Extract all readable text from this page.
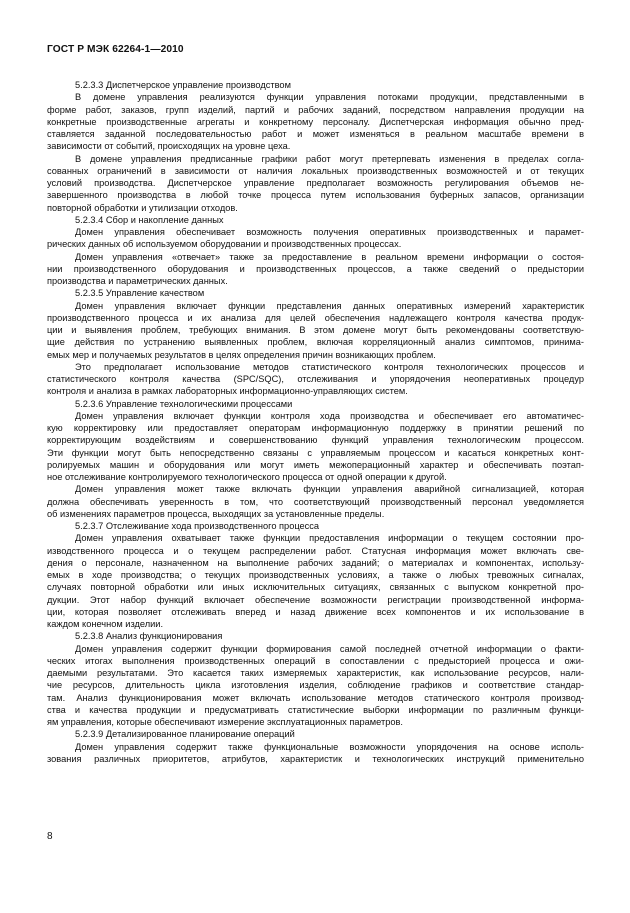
ГОСТ Р МЭК 62264-1—2010
5.2.3.3 Диспетчерское управление производством
В домене управления реализуются функции управления потоками продукции, представленными в
форме работ, заказов, групп изделий, партий и рабочих заданий, посредством направления продукции на
конкретные производственные агрегаты и конкретному персоналу. Диспетчерская информация обычно пред-
ставляется заданной последовательностью работ и может изменяться в реальном масштабе времени в
зависимости от событий, происходящих на уровне цеха.
В домене управления предписанные графики работ могут претерпевать изменения в пределах согла-
сованных ограничений в зависимости от наличия локальных производственных возможностей и от текущих
условий производства. Диспетчерское управление предполагает возможность регулирования объемов не-
завершенного производства в любой точке процесса путем использования буферных запасов, организации
повторной обработки и утилизации отходов.
5.2.3.4 Сбор и накопление данных
Домен управления обеспечивает возможность получения оперативных производственных и парамет-
рических данных об используемом оборудовании и производственных процессах.
Домен управления «отвечает» также за предоставление в реальном времени информации о состоя-
нии производственного оборудования и производственных процессов, а также сведений о предыстории
производства и параметрических данных.
5.2.3.5 Управление качеством
Домен управления включает функции представления данных оперативных измерений характеристик
производственного процесса и их анализа для целей обеспечения надлежащего контроля качества продук-
ции и выявления проблем, требующих внимания. В этом домене могут быть рекомендованы соответствую-
щие действия по устранению выявленных проблем, включая корреляционный анализ симптомов, принима-
емых мер и получаемых результатов в целях определения причин возникающих проблем.
Это предполагает использование методов статистического контроля технологических процессов и
статистического контроля качества (SPC/SQC), отслеживания и упорядочения неоперативных процедур
контроля и анализа в рамках лабораторных информационно-управляющих систем.
5.2.3.6 Управление технологическими процессами
Домен управления включает функции контроля хода производства и обеспечивает его автоматичес-
кую корректировку или предоставляет операторам информационную поддержку в принятии решений по
корректирующим воздействиям и совершенствованию функций управления технологическим процессом.
Эти функции могут быть непосредственно связаны с управляемым процессом и касаться конкретных конт-
ролируемых машин и оборудования или могут иметь межоперационный характер и обеспечивать поэтап-
ное отслеживание контролируемого технологического процесса от одной операции к другой.
Домен управления может также включать функции управления аварийной сигнализацией, которая
должна обеспечивать уверенность в том, что соответствующий производственный персонал уведомляется
об изменениях параметров процесса, выходящих за установленные пределы.
5.2.3.7 Отслеживание хода производственного процесса
Домен управления охватывает также функции предоставления информации о текущем состоянии про-
изводственного процесса и о текущем распределении работ. Статусная информация может включать све-
дения о персонале, назначенном на выполнение рабочих заданий; о материалах и компонентах, использу-
емых в ходе производства; о текущих производственных условиях, а также о любых тревожных сигналах,
случаях повторной обработки или иных исключительных ситуациях, связанных с выпуском конкретной про-
дукции. Этот набор функций включает обеспечение возможности регистрации производственной информа-
ции, которая позволяет отслеживать вперед и назад движение всех компонентов и их использование в
каждом конечном изделии.
5.2.3.8 Анализ функционирования
Домен управления содержит функции формирования самой последней отчетной информации о факти-
ческих итогах выполнения производственных операций в сопоставлении с предысторией процесса и ожи-
даемыми результатами. Это касается таких измеряемых характеристик, как использование ресурсов, нали-
чие ресурсов, длительность цикла изготовления изделия, соблюдение графиков и соответствие стандар-
там. Анализ функционирования может включать использование методов статического контроля производ-
ства и качества продукции и предусматривать статистические выборки информации по различным функци-
ям управления, которые обеспечивают измерение эксплуатационных параметров.
5.2.3.9 Детализированное планирование операций
Домен управления содержит также функциональные возможности упорядочения на основе исполь-
зования различных приоритетов, атрибутов, характеристик и технологических инструкций применительно
8
